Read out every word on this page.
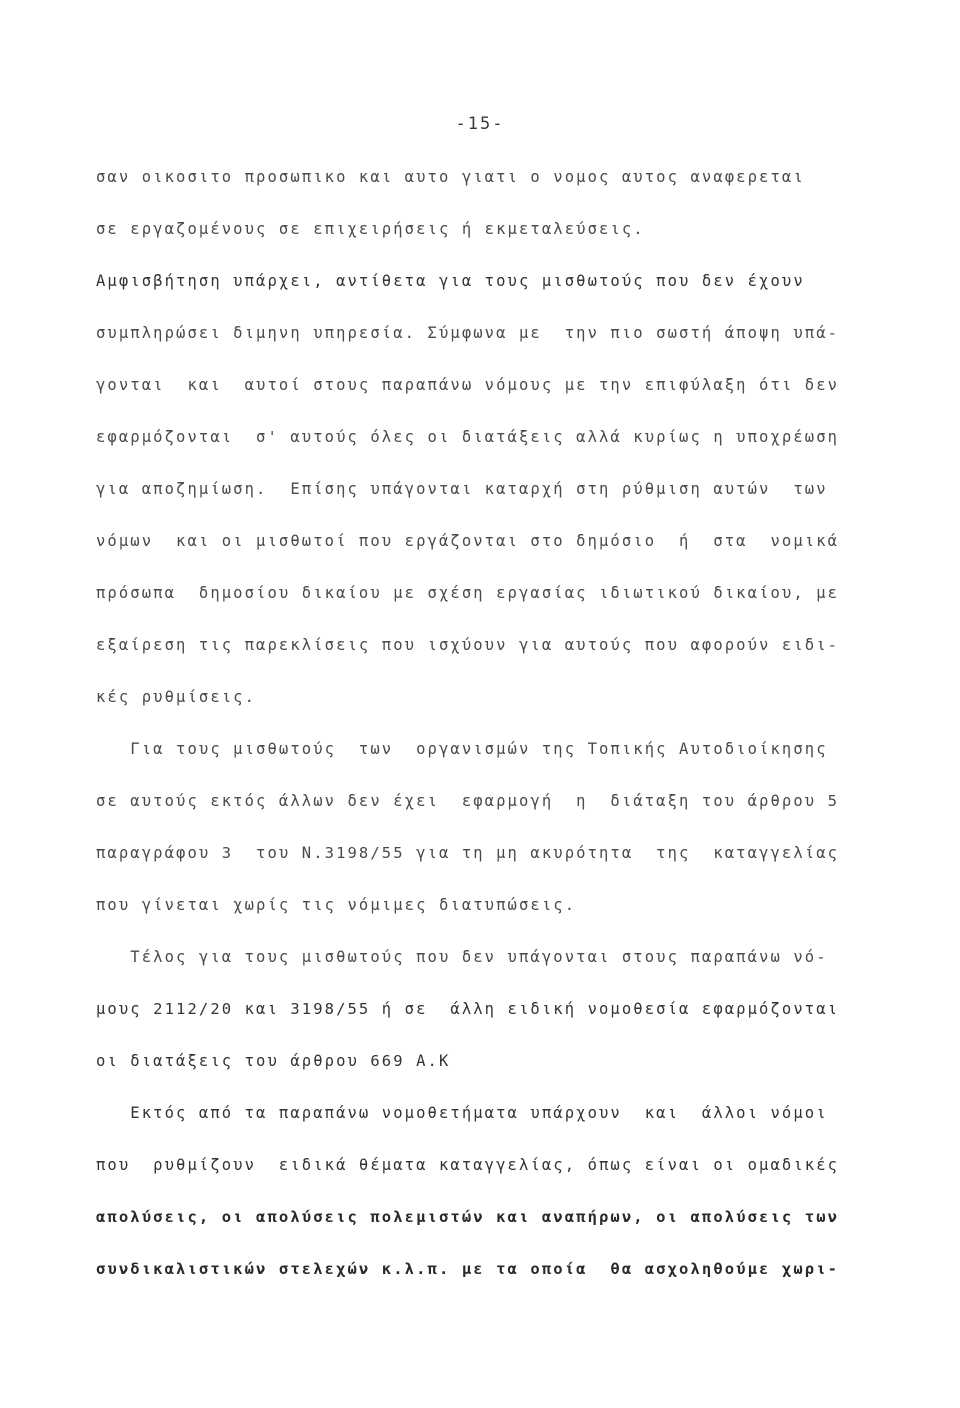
-15-
σαν οικοσιτο προσωπικο και αυτο γιατι ο νομος αυτος αναφερεται
σε εργαζομένους σε επιχειρήσεις ή εκμεταλεύσεις.
Αμφισβήτηση υπάρχει, αντίθετα για τους μισθωτούς που δεν έχουν
συμπληρώσει διμηνη υπηρεσία. Σύμφωνα με  την πιο σωστή άποψη υπά-
γονται  και  αυτοί στους παραπάνω νόμους με την επιφύλαξη ότι δεν
εφαρμόζονται  σ' αυτούς όλες οι διατάξεις αλλά κυρίως η υποχρέωση
για αποζημίωση.  Επίσης υπάγονται καταρχή στη ρύθμιση αυτών  των
νόμων  και οι μισθωτοί που εργάζονται στο δημόσιο  ή  στα  νομικά
πρόσωπα  δημοσίου δικαίου με σχέση εργασίας ιδιωτικού δικαίου, με
εξαίρεση τις παρεκλίσεις που ισχύουν για αυτούς που αφορούν ειδι-
κές ρυθμίσεις.
Για τους μισθωτούς  των  οργανισμών της Τοπικής Αυτοδιοίκησης
σε αυτούς εκτός άλλων δεν έχει  εφαρμογή  η  διάταξη του άρθρου 5
παραγράφου 3  του Ν.3198/55 για τη μη ακυρότητα  της  καταγγελίας
που γίνεται χωρίς τις νόμιμες διατυπώσεις.
Τέλος για τους μισθωτούς που δεν υπάγονται στους παραπάνω νό-
μους 2112/20 και 3198/55 ή σε  άλλη ειδική νομοθεσία εφαρμόζονται
οι διατάξεις του άρθρου 669 Α.Κ
Εκτός από τα παραπάνω νομοθετήματα υπάρχουν  και  άλλοι νόμοι
που  ρυθμίζουν  ειδικά θέματα καταγγελίας, όπως είναι οι ομαδικές
απολύσεις, οι απολύσεις πολεμιστών και αναπήρων, οι απολύσεις των
συνδικαλιστικών στελεχών κ.λ.π. με τα οποία  θα ασχοληθούμε χωρι-
